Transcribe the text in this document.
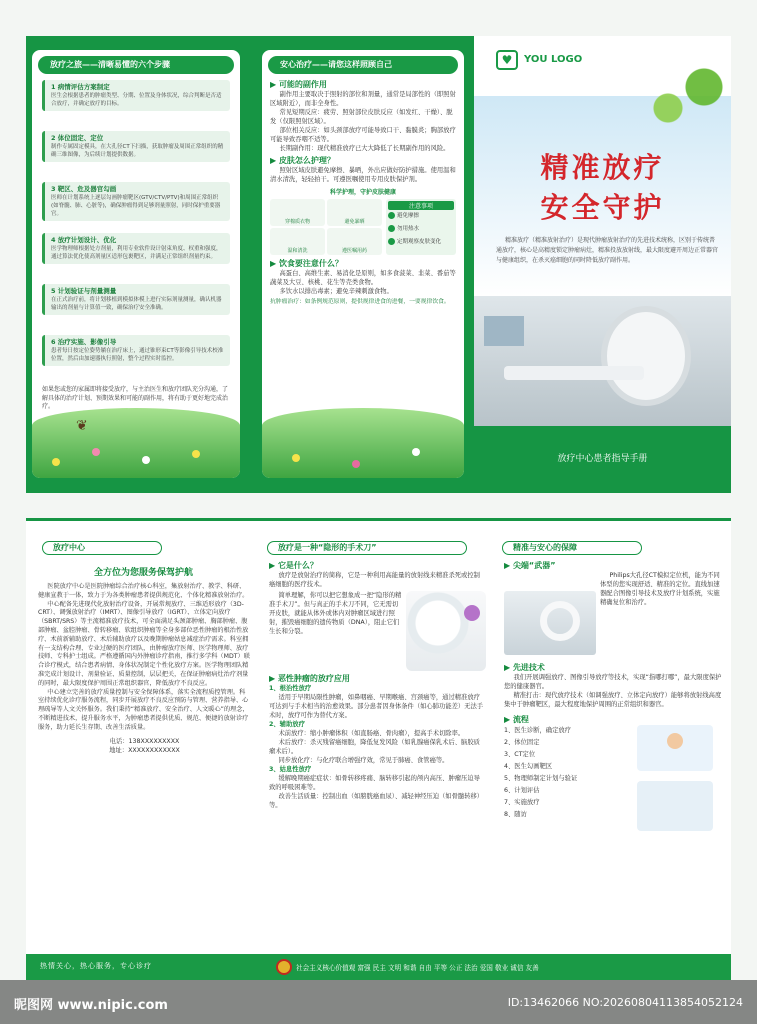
放疗之旅——清晰易懂的六个步骤
1 病情评估方案制定
医生会根据患者的肿瘤类型、分期、位置及身体状况，综合判断是否适合放疗，并确定放疗的目标。
2 体位固定、定位
制作专属固定模具，在大孔径CT下扫描，获取肿瘤及周围正常组织的精确三维图像，为后续计划提供数据。
3 靶区、危及器官勾画
医师在计划系统上逐层勾画肿瘤靶区(GTV/CTV/PTV)和周围正常组织(如脊髓、肺、心脏等)，确保肿瘤得到足够剂量照射，同时保护重要器官。
4 放疗计划设计、优化
医学物理师根据处方剂量，利用专业软件设计射束角度、权重和强度，通过算法优化使高剂量区适形包裹靶区，并满足正常组织剂量约束。
5 计划验证与剂量测量
在正式治疗前，将计划移植到模拟体模上进行实际剂量测量，确认机器输出的剂量与计算值一致，确保治疗安全准确。
6 治疗实施、影像引导
患者每日按定位姿势躺在治疗床上，通过锥形束CT等影像引导技术校准位置，然后由加速器执行照射，整个过程实时监控。
如果您或您的家属即将接受放疗，与主治医生和放疗团队充分沟通，了解具体的治疗计划、预期效果和可能的副作用，将有助于更好地完成治疗。
❦
安心治疗——请您这样照顾自己
▶ 可能的副作用
副作用主要取决于照射的部位和剂量，通常是局部性的（即照射区域附近），而非全身性。
常见短期反应：疲劳、照射部位皮肤反应（如发红、干燥）、脱发（仅限照射区域）。
部位相关反应：如头颈部放疗可能导致口干、黏膜炎；胸部放疗可能导致吞咽不适等。
长期副作用：现代精准放疗已大大降低了长期副作用的风险。
▶ 皮肤怎么护理？
照射区域皮肤避免摩擦、暴晒，外出应做好防护措施。使用温和清水清洗，轻轻拍干。可遵医嘱使用专用皮肤保护剂。
科学护理，守护皮肤健康
穿棉质衣物	避免暴晒
温和清洗	遵医嘱用药
注意事项
避免摩擦
勿用热水
定期观察皮肤变化
▶ 饮食要注意什么？
高蛋白、高维生素、易消化是原则，如多食菠菜、韭菜、番茄等蔬菜及大豆、核桃、花生等壳类食物。
多饮水以排出毒素；避免辛辣刺激食物。
抗肿瘤治疗：如条例规范原则，提供规律进食的进餐，一要规律饮食。
♥	YOU LOGO
精准放疗
安全守护
精准放疗（精准放射治疗）是现代肿瘤放射治疗的先进技术统称，区别于传统普通放疗，核心是高精度锁定肿瘤病灶，精准投放放射线，最大限度避开周边正常器官与健康组织，在杀灭癌细胞的同时降低放疗副作用。
放疗中心患者指导手册
放疗中心
全方位为您服务保驾护航
医院放疗中心是医院肿瘤综合治疗核心科室，集放射治疗、教学、科研、健康宣教于一体，致力于为各类肿瘤患者提供规范化、个体化精准放射治疗。
中心配备先进现代化放射治疗设备，开展常规放疗、三维适形放疗（3D-CRT）、调强放射治疗（IMRT）、图像引导放疗（IGRT）、立体定向放疗（SBRT/SRS）等主流精准放疗技术，可全面满足头颈部肿瘤、胸部肿瘤、腹部肿瘤、盆腔肿瘤、骨转移瘤、软组织肿瘤等全身多部位恶性肿瘤的根治性放疗、术前新辅助放疗、术后辅助放疗以及晚期肿瘤姑息减症治疗需求。科室拥有一支结构合理、专业过硬的医疗团队，由肿瘤放疗医师、医学物理师、放疗技师、专科护士组成。严格遵循国内外肿瘤诊疗指南，推行多学科（MDT）联合诊疗模式，结合患者病情、身体状况制定个性化放疗方案。医学物理团队精准完成计划设计、剂量验证、质量控制，层层把关，在保证肿瘤病灶治疗剂量的同时，最大限度保护周围正常组织器官，降低放疗不良反应。
中心建立完善的放疗质量控制与安全保障体系，落实全流程质控管理。科室持续优化诊疗服务流程，同步开展放疗不良反应预防与管理、营养指导、心理疏导等人文关怀服务。我们秉持“精准放疗、安全治疗、人文暖心”的理念，不断精进技术，提升服务水平，为肿瘤患者提供优质、规范、便捷的放射诊疗服务，助力延长生存期、改善生活质量。
电话：138XXXXXXXXX
地址：XXXXXXXXXXXX
放疗是一种“隐形的手术刀”
▶ 它是什么？
放疗是放射治疗的简称，它是一种利用高能量的放射线来精准杀死或控制癌细胞的医疗技术。
简单理解，你可以把它想象成一把“隐形的精准手术刀”。但与真正的手术刀不同，它无需切开皮肤，就能从体外或体内对肿瘤区域进行照射，摧毁癌细胞的遗传物质（DNA），阻止它们生长和分裂。
▶ 恶性肿瘤的放疗应用
1、根治性放疗
适用于早期局限性肿瘤，如鼻咽癌、早期喉癌、宫颈癌等，通过精准放疗可达到与手术相当的治愈效果。部分患者因身体条件（如心肺功能差）无法手术时，放疗可作为替代方案。
2、辅助放疗
术前放疗：缩小肿瘤体积（如直肠癌、骨肉瘤），提高手术切除率。
术后放疗：杀灭残留癌细胞，降低复发风险（如乳腺癌保乳术后、脑胶质瘤术后）。
同步放化疗：与化疗联合增强疗效，常见于肺癌、食管癌等。
3、姑息性放疗
缓解晚期癌症症状：如骨转移疼痛、脑转移引起的颅内高压、肿瘤压迫导致的呼吸困难等。
改善生活质量：控制出血（如膀胱癌血尿）、减轻神经压迫（如骨髓转移）等。
精准与安心的保障
▶ 尖端“武器”
Philips大孔径CT模拟定位机，能为不同体型的您实现舒适、精准的定位。直线加速器配合图像引导技术及放疗计划系统，实施精确复位和治疗。
▶ 先进技术
我们开展调强放疗、图像引导放疗等技术，实现“指哪打哪”，最大限度保护您的健康器官。
精准打击：现代放疗技术（如调强放疗、立体定向放疗）能够将放射线高度集中于肿瘤靶区，最大程度地保护周围的正常组织和器官。
▶ 流程
1、医生诊断，确定放疗
2、体位固定
3、CT定位
4、医生勾画靶区
5、物理师制定计划与验证
6、计划评估
7、实施放疗
8、随访
热情关心，热心服务，专心诊疗	社会主义核心价值观 富强 民主 文明 和谐 自由 平等 公正 法治 爱国 敬业 诚信 友善
昵图网 www.nipic.com	ID:13462066 NO:20260804113854052124
